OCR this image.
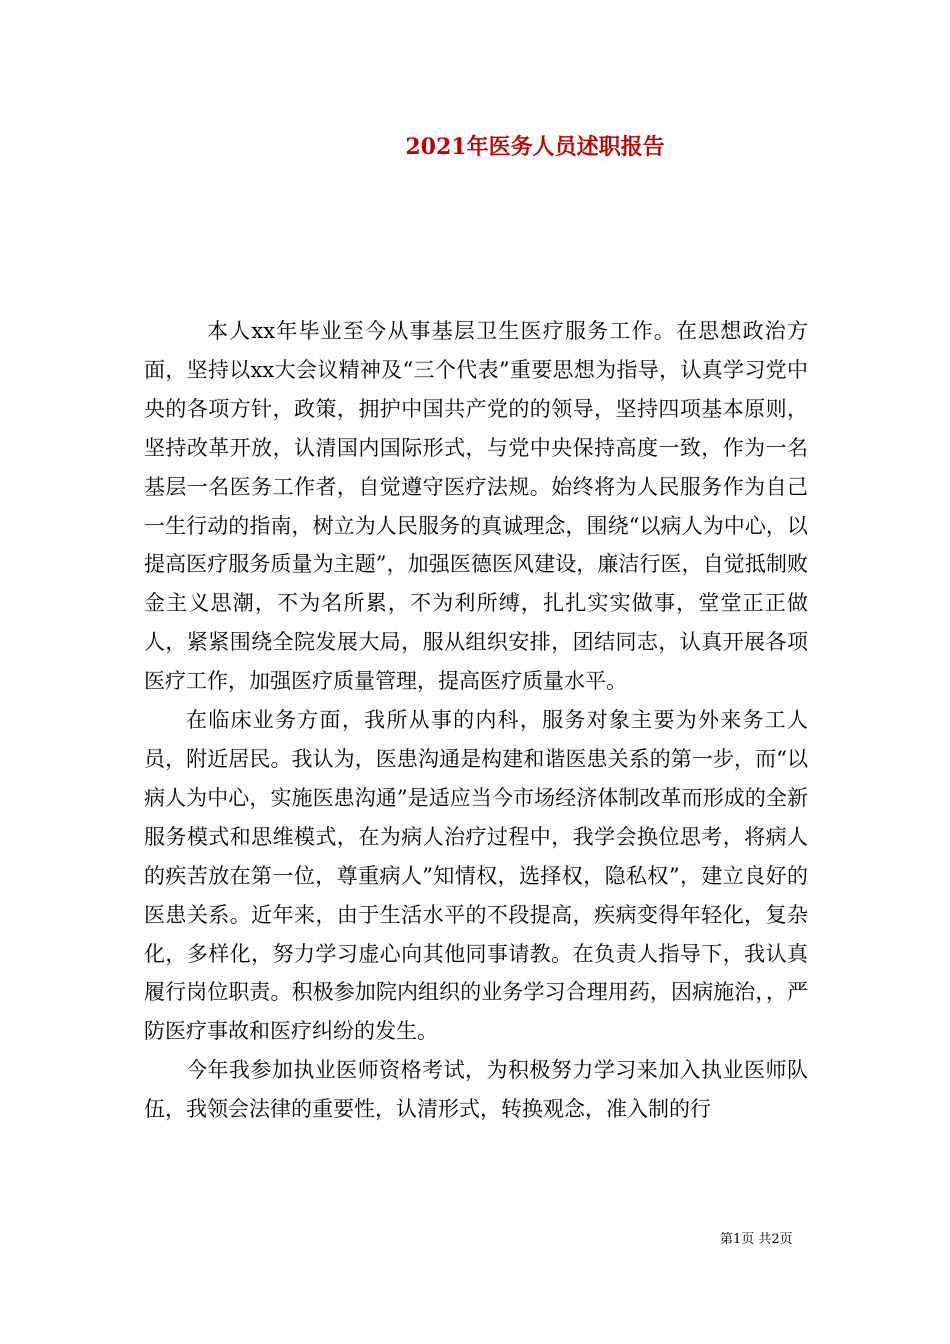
2021年医务人员述职报告

本人xx年毕业至今从事基层卫生医疗服务工作。在思想政治方面，坚持以xx大会议精神及“三个代表”重要思想为指导，认真学习党中央的各项方针，政策，拥护中国共产党的的领导，坚持四项基本原则，坚持改革开放，认清国内国际形式，与党中央保持高度一致，作为一名基层一名医务工作者，自觉遵守医疗法规。始终将为人民服务作为自己一生行动的指南，树立为人民服务的真诚理念，围绕“以病人为中心，以提高医疗服务质量为主题”，加强医德医风建设，廉洁行医，自觉抵制败金主义思潮，不为名所累，不为利所缚，扎扎实实做事，堂堂正正做人，紧紧围绕全院发展大局，服从组织安排，团结同志，认真开展各项医疗工作，加强医疗质量管理，提高医疗质量水平。

在临床业务方面，我所从事的内科，服务对象主要为外来务工人员，附近居民。我认为，医患沟通是构建和谐医患关系的第一步，而“以病人为中心，实施医患沟通”是适应当今市场经济体制改革而形成的全新服务模式和思维模式，在为病人治疗过程中，我学会换位思考，将病人的疾苦放在第一位，尊重病人”知情权，选择权，隐私权”，建立良好的医患关系。近年来，由于生活水平的不段提高，疾病变得年轻化，复杂化，多样化，努力学习虚心向其他同事请教。在负责人指导下，我认真履行岗位职责。积极参加院内组织的业务学习合理用药，因病施治，，严防医疗事故和医疗纠纷的发生。

今年我参加执业医师资格考试，为积极努力学习来加入执业医师队伍，我领会法律的重要性，认清形式，转换观念，准入制的行

第1页 共2页
